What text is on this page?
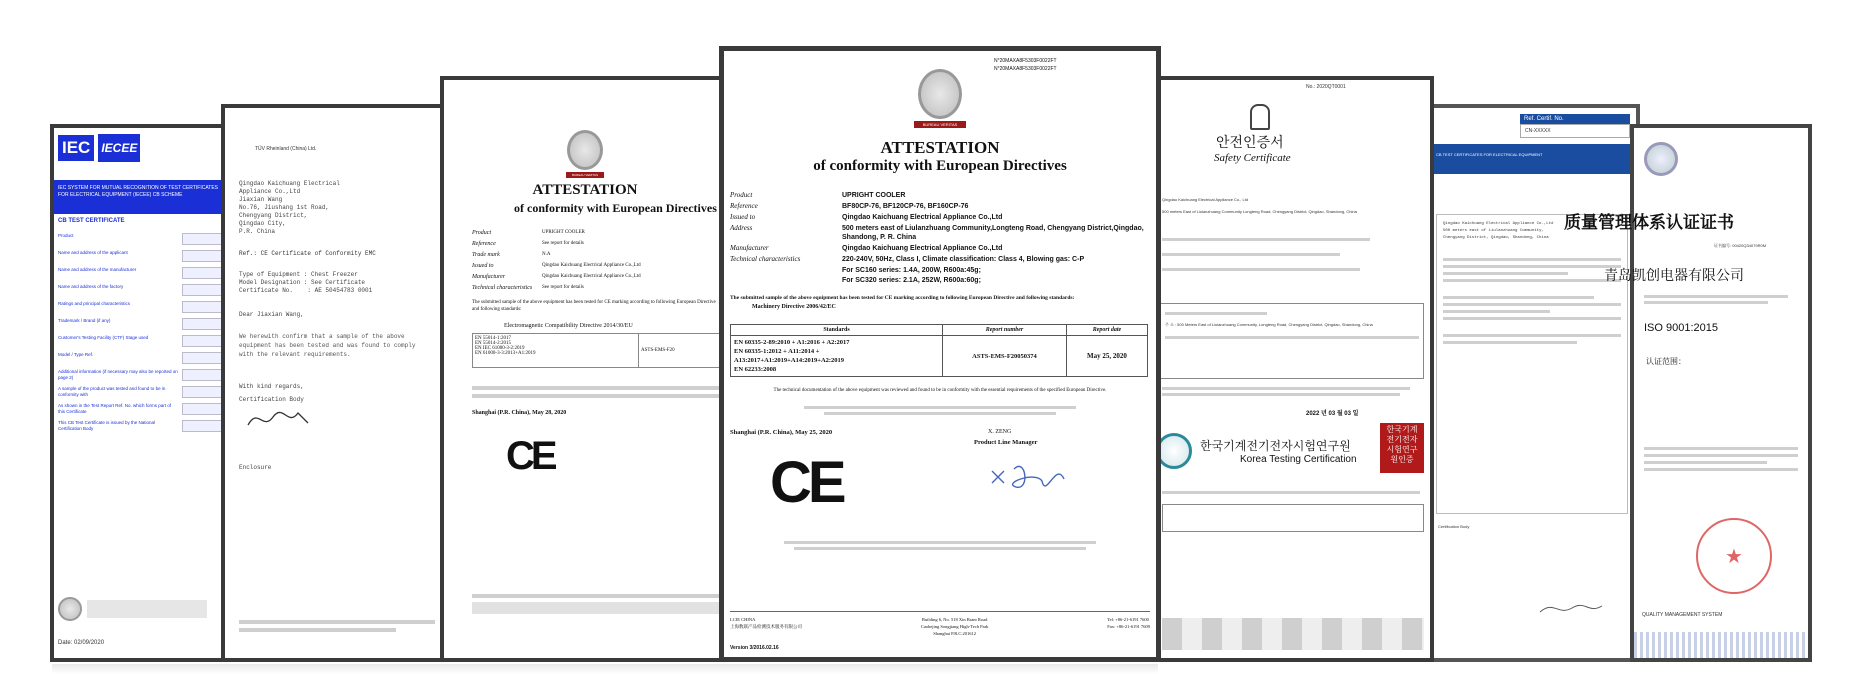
IEC IECEE
IEC SYSTEM FOR MUTUAL RECOGNITION OF TEST CERTIFICATES FOR ELECTRICAL EQUIPMENT (IECEE) CB SCHEME
CB TEST CERTIFICATE
Product
Name and address of the applicant
Name and address of the manufacturer
Name and address of the factory
Ratings and principal characteristics
Trademark / Brand (if any)
Customer's Testing Facility (CTF) Stage used
Model / Type Ref.
Additional information (if necessary may also be reported on page 2)
A sample of the product was tested and found to be in conformity with
As shown in the Test Report Ref. No. which forms part of this Certificate
This CB Test Certificate is issued by the National Certification Body
Date: 02/09/2020
TÜV Rheinland (China) Ltd.
Qingdao Kaichuang Electrical
Appliance Co.,Ltd
Jiaxian Wang
No.76, Jiushang 1st Road,
Chengyang District,
Qingdao City,
P.R. China
Ref.: CE Certificate of Conformity EMC
Type of Equipment : Chest Freezer
Model Designation : See Certificate
Certificate No.    : AE 50454783 0001
Dear Jiaxian Wang,
We herewith confirm that a sample of the above equipment has been tested and was found to comply with the relevant requirements.
With kind regards,
Certification Body
Enclosure
BUREAU VERITAS
ATTESTATION
of conformity with European Directives
Product	UPRIGHT COOLER
Reference	See report for details
Trade mark	N.A
Issued to	Qingdao Kaichuang Electrical Appliance Co.,Ltd
Manufacturer	Qingdao Kaichuang Electrical Appliance Co.,Ltd
Technical characteristics	See report for details
The submitted sample of the above equipment has been tested for CE marking according to following European Directive and following standards:
Electromagnetic Compatibility Directive 2014/30/EU
EN 55014-1:2017
EN 55014-2:2015
EN IEC 61000-3-2:2019
EN 61000-3-3:2013+A1:2019
ASTS-EMS-F20
Shanghai (P.R. China), May 28, 2020
CE
Ref. Certif. No.
CN-XXXXX
CB TEST CERTIFICATES FOR ELECTRICAL EQUIPMENT
Qingdao Kaichuang Electrical Appliance Co.,Ltd
500 meters east of Liulanzhuang Community,
Chengyang District, Qingdao, Shandong, China
Certification Body
质量管理体系认证证书
证书编号: 00420Q34079R0M
青岛凯创电器有限公司
ISO 9001:2015
认证范围：
★
QUALITY MANAGEMENT SYSTEM
No.: 2020QT0001
안전인증서
Safety Certificate
Qingdao Kaichuang Electrical Appliance Co., Ltd
500 meters East of Liulanzhuang Community Longteng Road, Chengyang District, Qingdao, Shandong, China
주 소 : 500 Meters East of Liulanzhuang Community, Longteng Road, Chengyang District, Qingdao, Shandong, China
2022 년 03 월 03 일
한국기계전기전자시험연구원
Korea Testing Certification
한국기계 전기전자 시험연구 원인증
N°20MAXA8F5303F0022FT
N°20MAXA8F5303F0022FT
BUREAU VERITAS
ATTESTATION
of conformity with European Directives
Product	UPRIGHT COOLER
Reference	BF80CP-76, BF120CP-76, BF160CP-76
Issued to	Qingdao Kaichuang Electrical Appliance Co.,Ltd
Address	500 meters east of Liulanzhuang Community,Longteng Road, Chengyang District,Qingdao, Shandong, P. R. China
Manufacturer	Qingdao Kaichuang Electrical Appliance Co.,Ltd
Technical characteristics	220-240V, 50Hz, Class I, Climate classification: Class 4, Blowing gas: C-P
For SC160 series: 1.4A, 200W, R600a:45g;
For SC320 series: 2.1A, 252W, R600a:60g;
The submitted sample of the above equipment has been tested for CE marking according to following European Directive and following standards:
Machinery Directive 2006/42/EC
Standards	Report number	Report date

EN 60335-2-89:2010 + A1:2016 + A2:2017
EN 60335-1:2012 + A11:2014 +
A13:2017+A1:2019+A14:2019+A2:2019
EN 62233:2008	ASTS-EMS-F20050374	May 25, 2020
The technical documentation of the above equipment was reviewed and found to be in conformity with the essential requirements of the specified European Directive.
Shanghai (P.R. China), May 25, 2020	X. ZENG
Product Line Manager
CE
LCIE CHINA
上海数联产品检测技术服务有限公司
Building 6, No. 518 Xin Brant Road
Caohejing Songjiang High-Tech Park
Shanghai P.R.C.201612
Tel: +86-21-6191 7600
Fax: +86-21-6191 7609
Version 3/2016.02.16
